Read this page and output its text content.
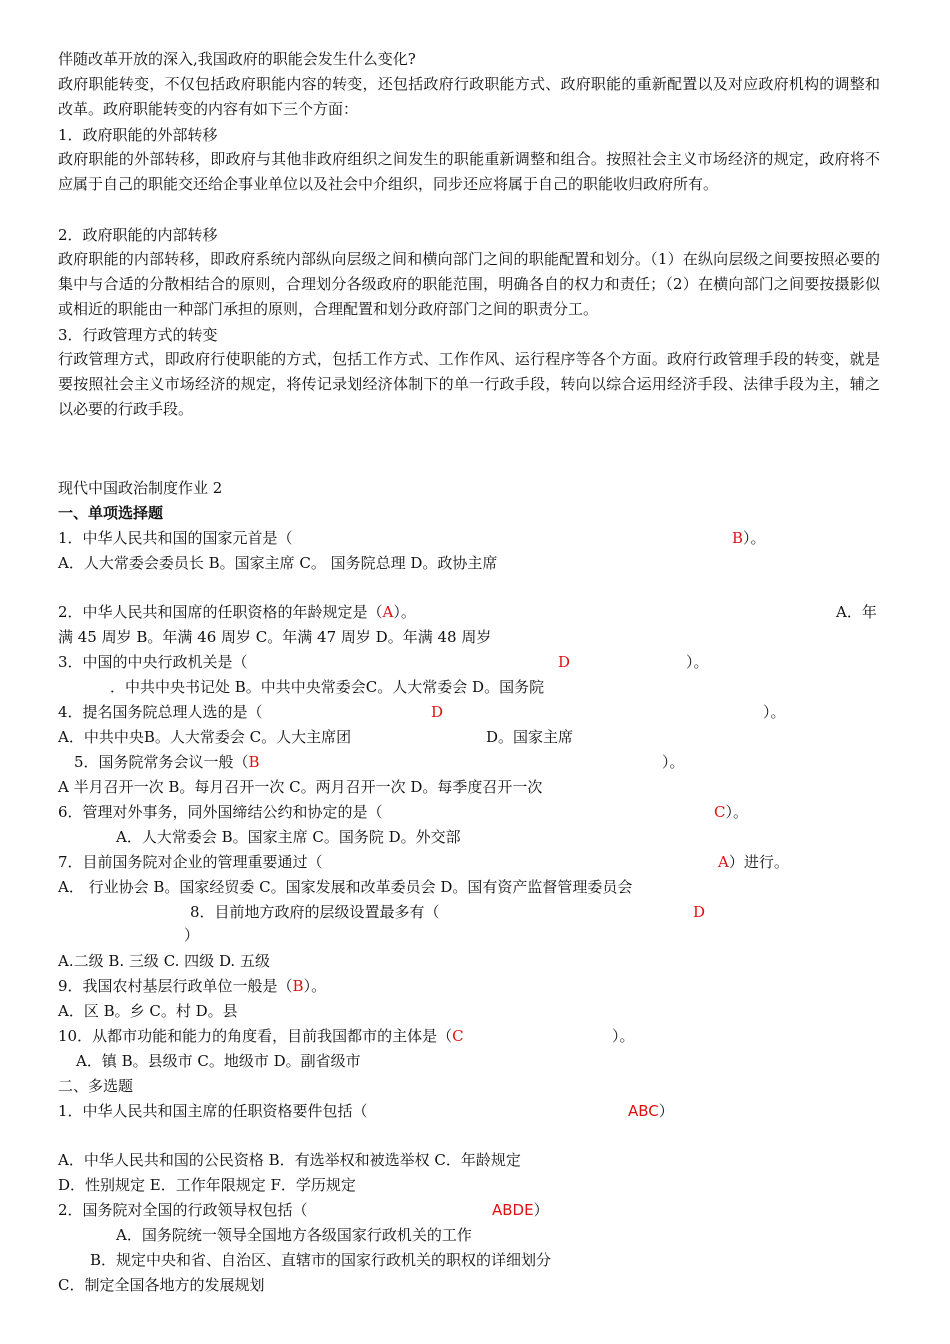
伴随改革开放的深入,我国政府的职能会发生什么变化?
政府职能转变，不仅包括政府职能内容的转变，还包括政府行政职能方式、政府职能的重新配置以及对应政府机构的调整和改革。政府职能转变的内容有如下三个方面：
1．政府职能的外部转移
政府职能的外部转移，即政府与其他非政府组织之间发生的职能重新调整和组合。按照社会主义市场经济的规定，政府将不应属于自己的职能交还给企事业单位以及社会中介组织，同步还应将属于自己的职能收归政府所有。
2．政府职能的内部转移
政府职能的内部转移，即政府系统内部纵向层级之间和横向部门之间的职能配置和划分。（1）在纵向层级之间要按照必要的集中与合适的分散相结合的原则，合理划分各级政府的职能范围，明确各自的权力和责任；（2）在横向部门之间要按摄影似或相近的职能由一种部门承担的原则，合理配置和划分政府部门之间的职责分工。
3．行政管理方式的转变
行政管理方式，即政府行使职能的方式，包括工作方式、工作作风、运行程序等各个方面。政府行政管理手段的转变，就是要按照社会主义市场经济的规定，将传记录划经济体制下的单一行政手段，转向以综合运用经济手段、法律手段为主，辅之以必要的行政手段。
现代中国政治制度作业 2
一、单项选择题
1．中华人民共和国的国家元首是（	B）。
A．人大常委会委员长 B。国家主席 C。 国务院总理 D。政协主席
2．中华人民共和国席的任职资格的年龄规定是（A）。	A．年
满 45 周岁 B。年满 46 周岁 C。年满 47 周岁 D。年满 48 周岁
3．中国的中央行政机关是（	D	）。
．中共中央书记处 B。中共中央常委会C。人大常委会 D。国务院
4．提名国务院总理人选的是（	D	）。
A．中共中央B。人大常委会 C。人大主席团	D。国家主席
5．国务院常务会议一般（B	）。
A 半月召开一次 B。每月召开一次 C。两月召开一次 D。每季度召开一次
6．管理对外事务，同外国缔结公约和协定的是（	C）。
A．人大常委会 B。国家主席 C。国务院 D。外交部
7．目前国务院对企业的管理重要通过（	A）进行。
A． 行业协会 B。国家经贸委 C。国家发展和改革委员会 D。国有资产监督管理委员会
8．目前地方政府的层级设置最多有（	D
）
A.二级 B. 三级 C. 四级 D. 五级
9．我国农村基层行政单位一般是（B）。
A．区 B。乡 C。村 D。县
10．从都市功能和能力的角度看，目前我国都市的主体是（C	）。
A．镇 B。县级市 C。地级市 D。副省级市
二、多选题
1．中华人民共和国主席的任职资格要件包括（	ABC）
A．中华人民共和国的公民资格 B．有选举权和被选举权 C．年龄规定
D．性别规定 E．工作年限规定 F．学历规定
2．国务院对全国的行政领导权包括（	ABDE）
A．国务院统一领导全国地方各级国家行政机关的工作
B．规定中央和省、自治区、直辖市的国家行政机关的职权的详细划分
C．制定全国各地方的发展规划
